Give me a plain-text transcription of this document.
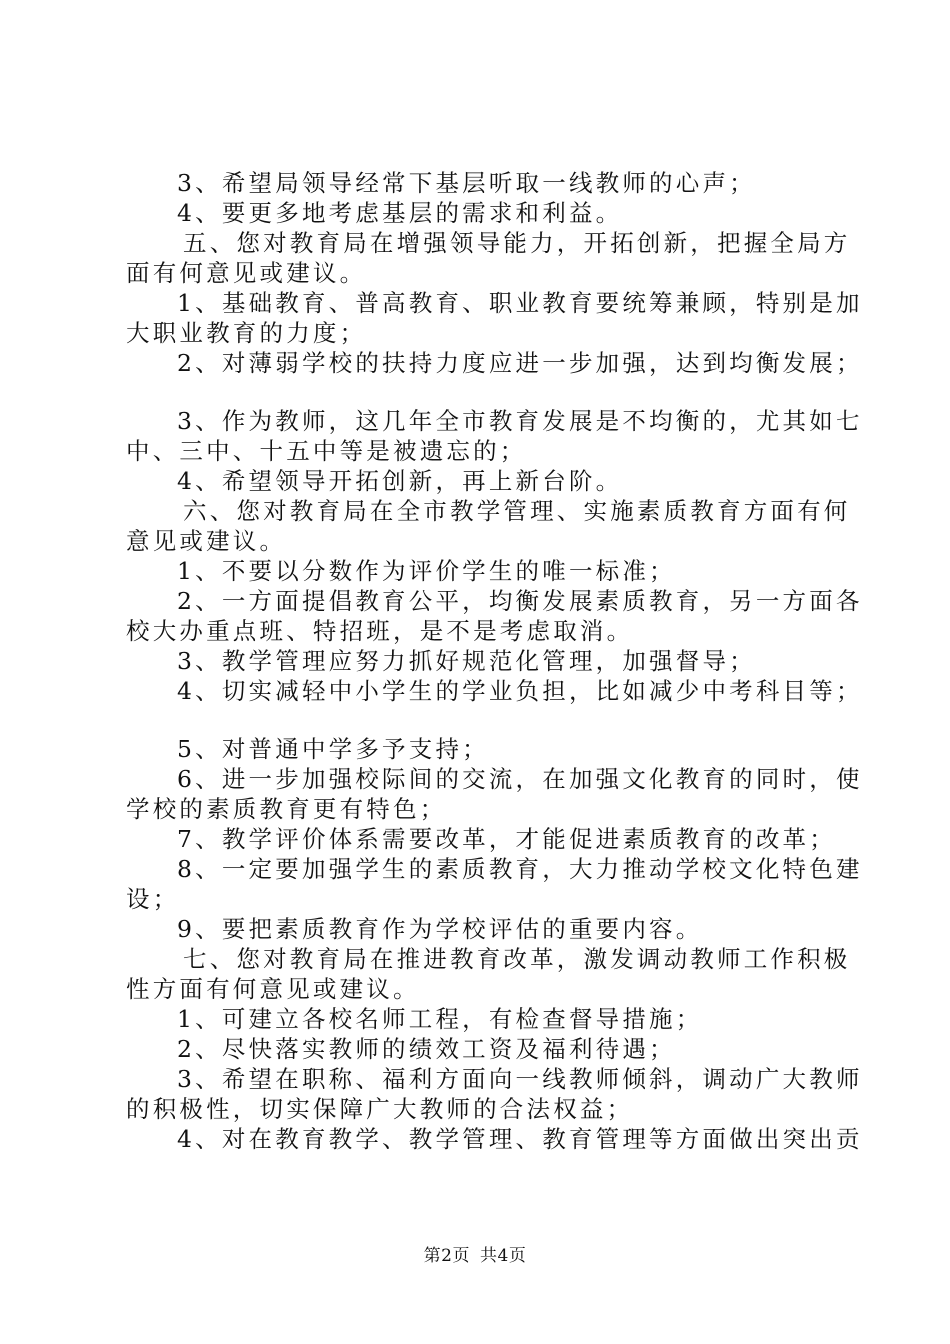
3、希望局领导经常下基层听取一线教师的心声；
4、要更多地考虑基层的需求和利益。
五、您对教育局在增强领导能力，开拓创新，把握全局方
面有何意见或建议。
1、基础教育、普高教育、职业教育要统筹兼顾，特别是加
大职业教育的力度；
2、对薄弱学校的扶持力度应进一步加强，达到均衡发展；
3、作为教师，这几年全市教育发展是不均衡的，尤其如七
中、三中、十五中等是被遗忘的；
4、希望领导开拓创新，再上新台阶。
六、您对教育局在全市教学管理、实施素质教育方面有何
意见或建议。
1、不要以分数作为评价学生的唯一标准；
2、一方面提倡教育公平，均衡发展素质教育，另一方面各
校大办重点班、特招班，是不是考虑取消。
3、教学管理应努力抓好规范化管理，加强督导；
4、切实减轻中小学生的学业负担，比如减少中考科目等；
5、对普通中学多予支持；
6、进一步加强校际间的交流，在加强文化教育的同时，使
学校的素质教育更有特色；
7、教学评价体系需要改革，才能促进素质教育的改革；
8、一定要加强学生的素质教育，大力推动学校文化特色建
设；
9、要把素质教育作为学校评估的重要内容。
七、您对教育局在推进教育改革，激发调动教师工作积极
性方面有何意见或建议。
1、可建立各校名师工程，有检查督导措施；
2、尽快落实教师的绩效工资及福利待遇；
3、希望在职称、福利方面向一线教师倾斜，调动广大教师
的积极性，切实保障广大教师的合法权益；
4、对在教育教学、教学管理、教育管理等方面做出突出贡
第2页 共4页
